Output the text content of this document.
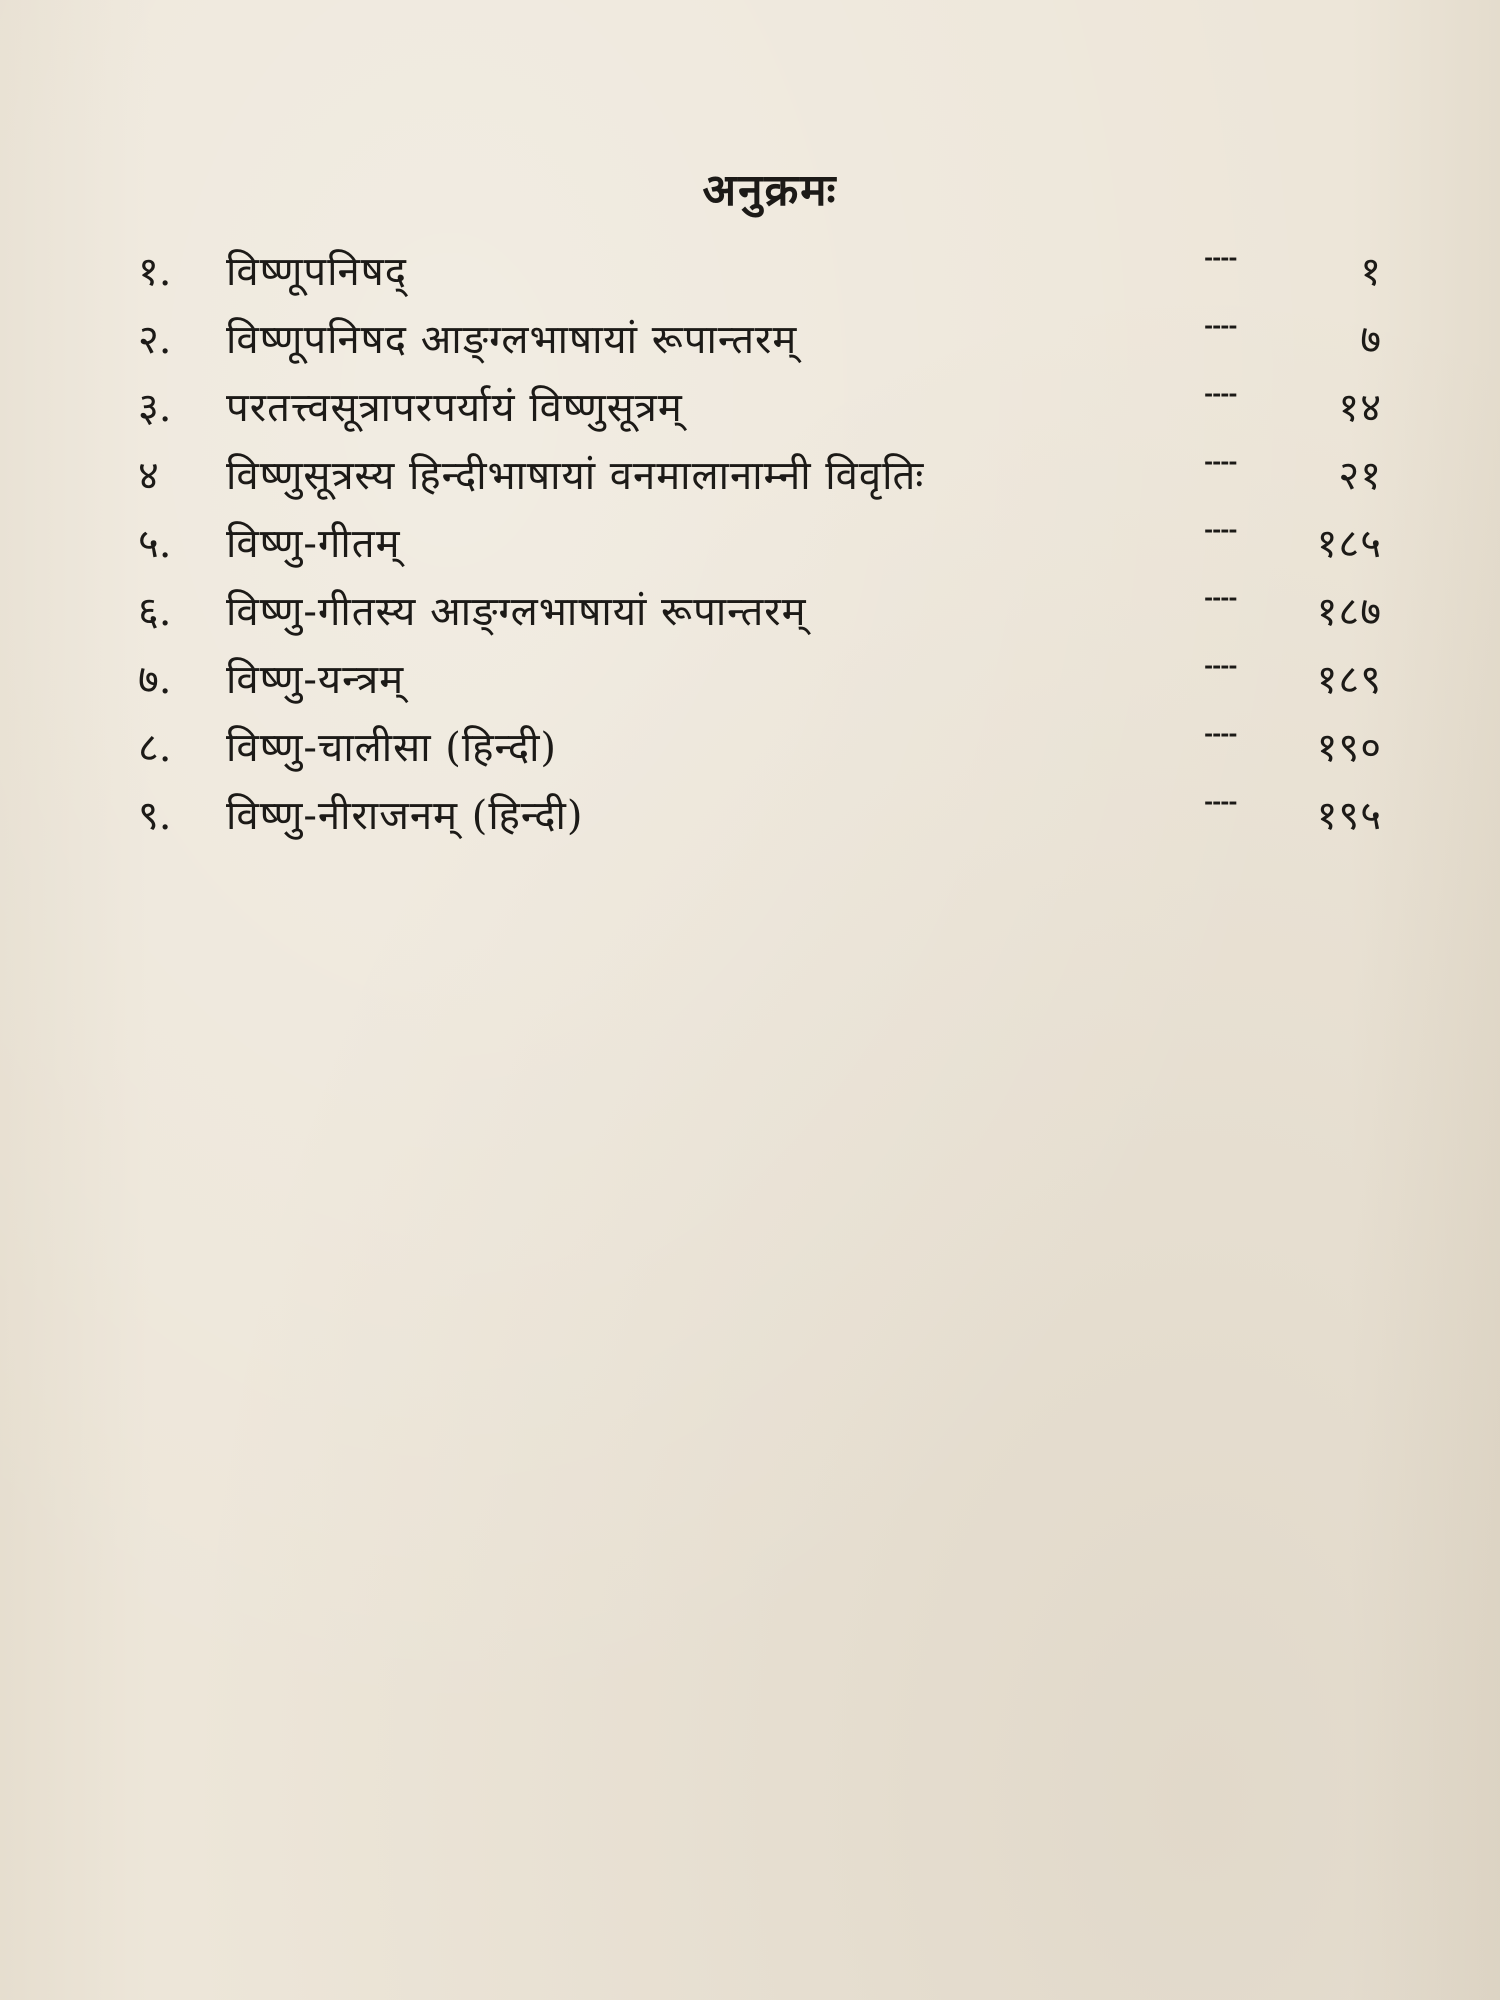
अनुक्रमः
१.	विष्णूपनिषद्	----	१
२.	विष्णूपनिषद आङ्ग्लभाषायां रूपान्तरम्	----	७
३.	परतत्त्वसूत्रापरपर्यायं विष्णुसूत्रम्	----	१४
४	विष्णुसूत्रस्य हिन्दीभाषायां वनमालानाम्नी विवृतिः	----	२१
५.	विष्णु-गीतम्	---- १८५
६.	विष्णु-गीतस्य आङ्ग्लभाषायां रूपान्तरम्	---- १८७
७.	विष्णु-यन्त्रम्	---- १८९
८.	विष्णु-चालीसा (हिन्दी)	---- १९०
९.	विष्णु-नीराजनम् (हिन्दी)	---- १९५
